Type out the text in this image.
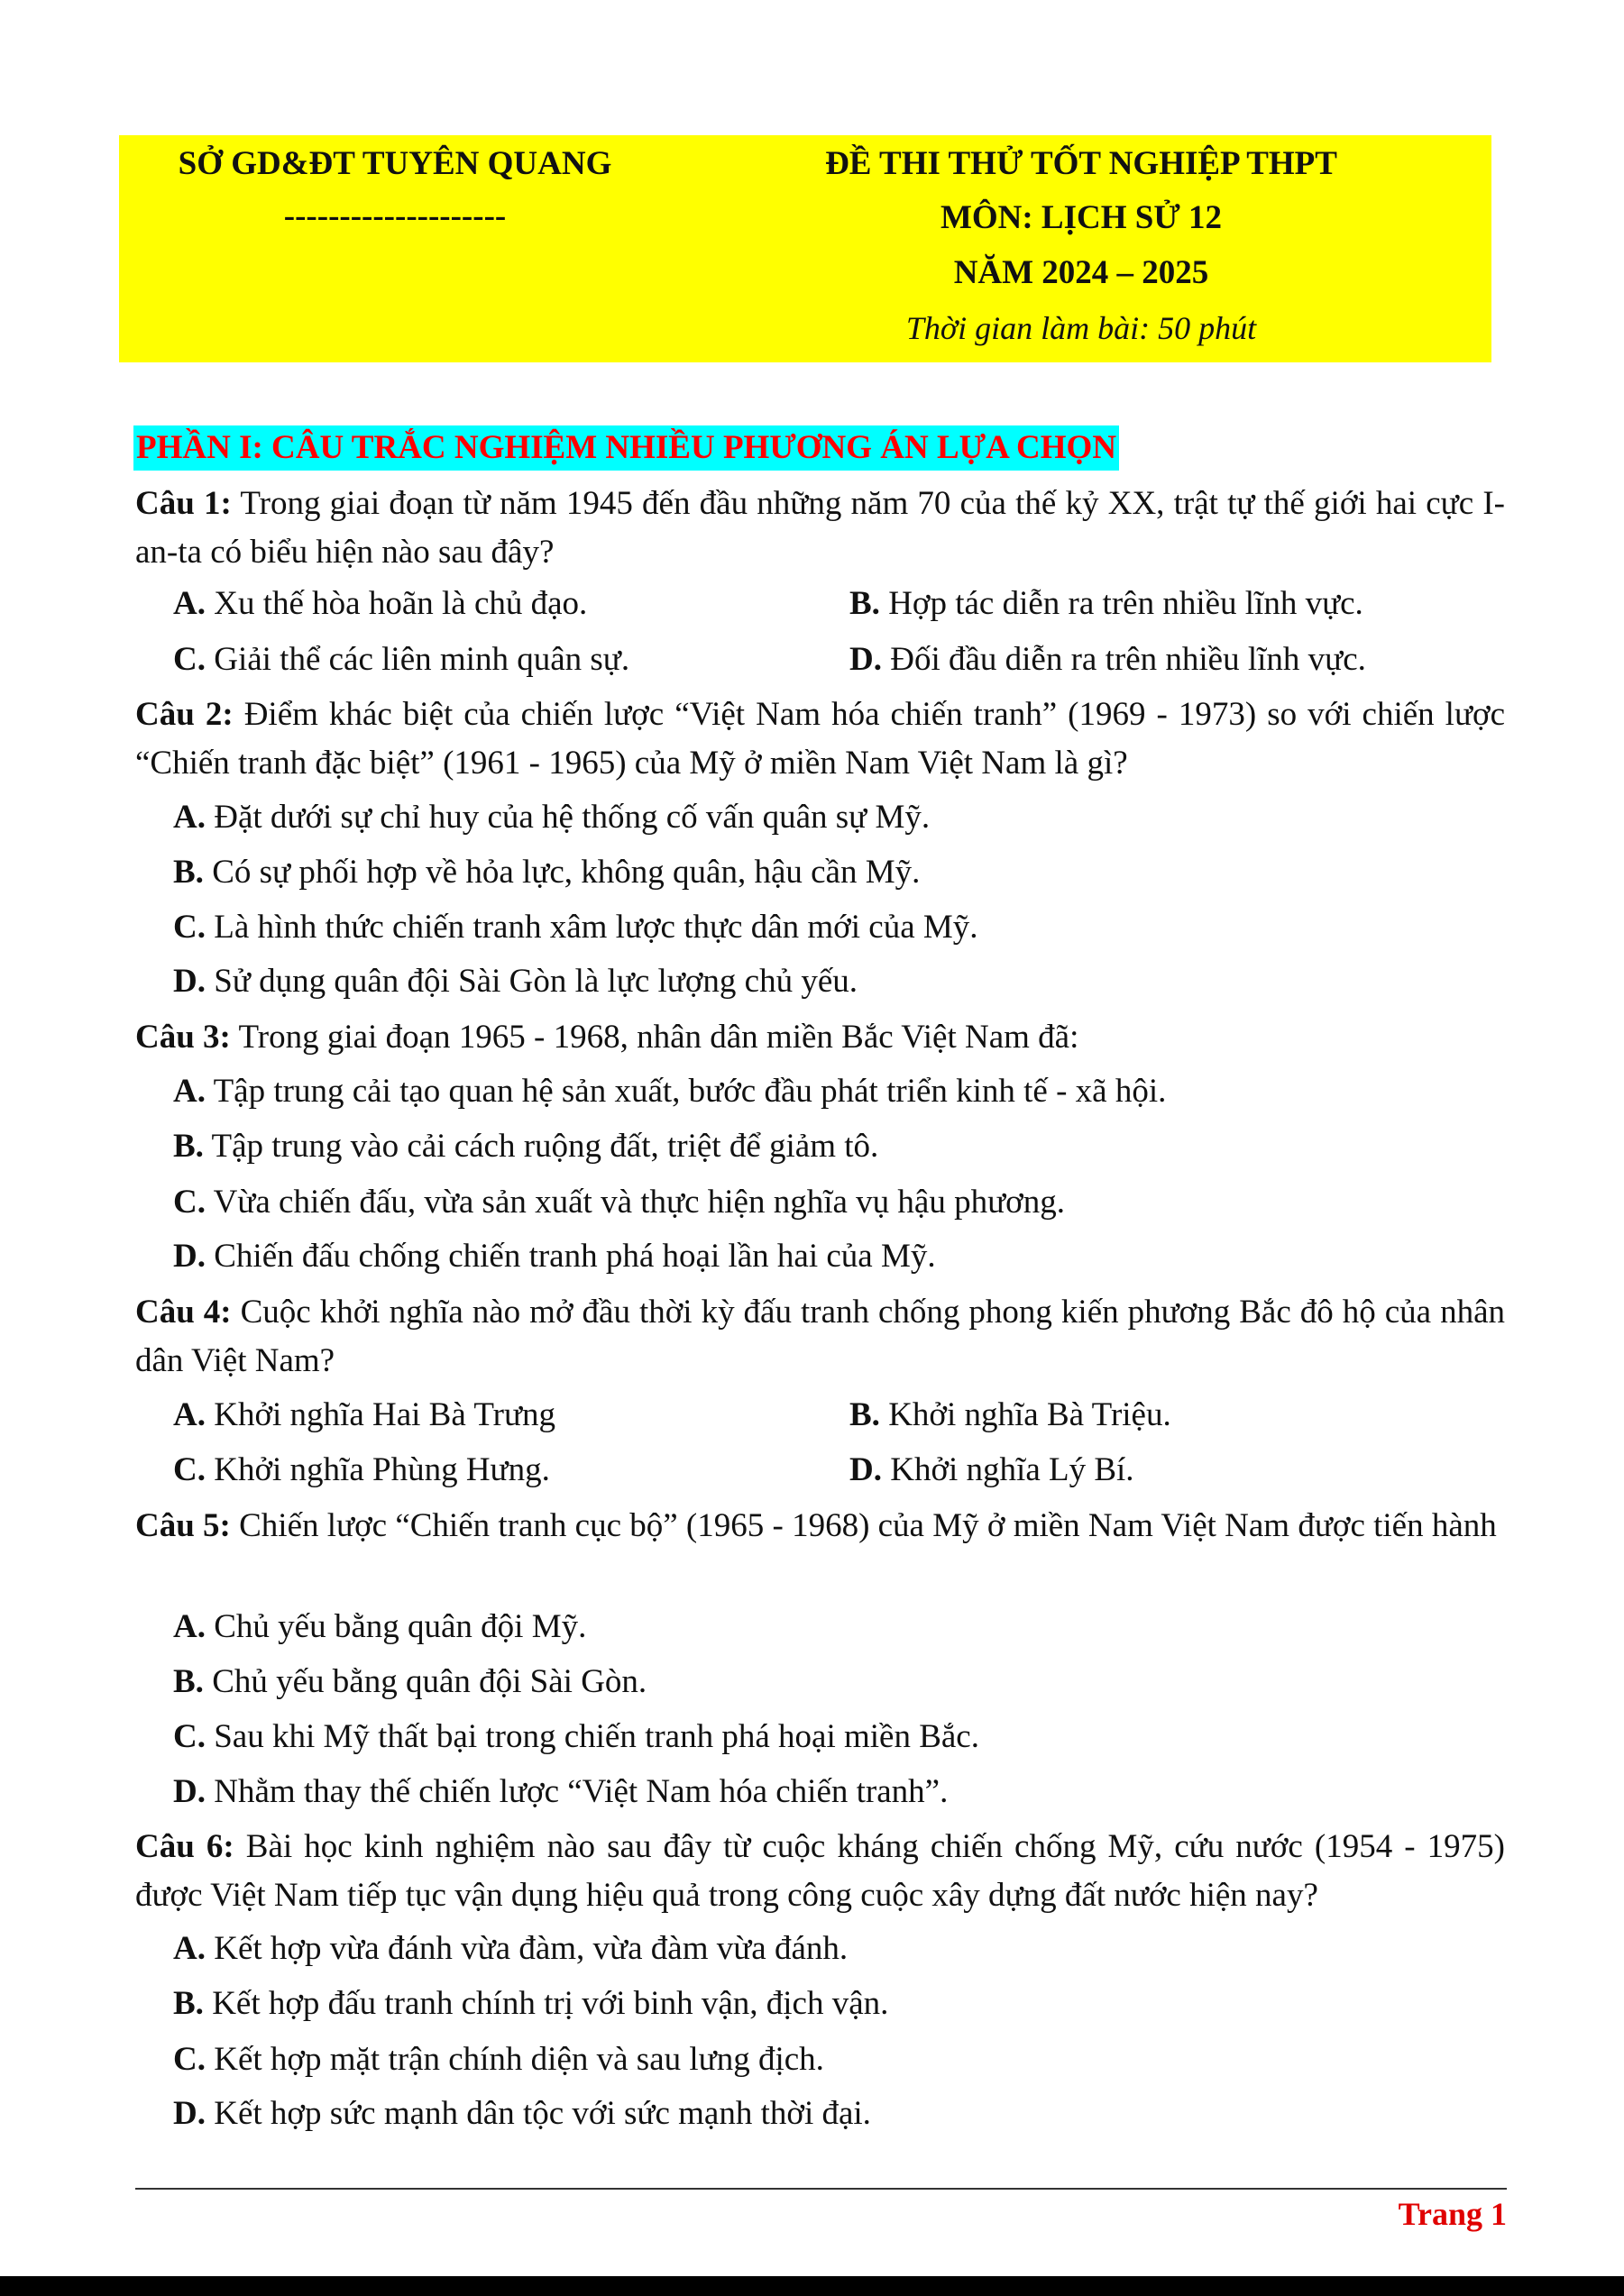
SỞ GD&ĐT TUYÊN QUANG
--------------------
ĐỀ THI THỬ TỐT NGHIỆP THPT
MÔN: LỊCH SỬ 12
NĂM 2024 – 2025
Thời gian làm bài: 50 phút
PHẦN I: CÂU TRẮC NGHIỆM NHIỀU PHƯƠNG ÁN LỰA CHỌN
Câu 1: Trong giai đoạn từ năm 1945 đến đầu những năm 70 của thế kỷ XX, trật tự thế giới hai cực I-an-ta có biểu hiện nào sau đây?
A. Xu thế hòa hoãn là chủ đạo.	B. Hợp tác diễn ra trên nhiều lĩnh vực.
C. Giải thể các liên minh quân sự.	D. Đối đầu diễn ra trên nhiều lĩnh vực.
Câu 2: Điểm khác biệt của chiến lược “Việt Nam hóa chiến tranh” (1969 - 1973) so với chiến lược “Chiến tranh đặc biệt” (1961 - 1965) của Mỹ ở miền Nam Việt Nam là gì?
A. Đặt dưới sự chỉ huy của hệ thống cố vấn quân sự Mỹ.
B. Có sự phối hợp về hỏa lực, không quân, hậu cần Mỹ.
C. Là hình thức chiến tranh xâm lược thực dân mới của Mỹ.
D. Sử dụng quân đội Sài Gòn là lực lượng chủ yếu.
Câu 3: Trong giai đoạn 1965 - 1968, nhân dân miền Bắc Việt Nam đã:
A. Tập trung cải tạo quan hệ sản xuất, bước đầu phát triển kinh tế - xã hội.
B. Tập trung vào cải cách ruộng đất, triệt để giảm tô.
C. Vừa chiến đấu, vừa sản xuất và thực hiện nghĩa vụ hậu phương.
D. Chiến đấu chống chiến tranh phá hoại lần hai của Mỹ.
Câu 4: Cuộc khởi nghĩa nào mở đầu thời kỳ đấu tranh chống phong kiến phương Bắc đô hộ của nhân dân Việt Nam?
A. Khởi nghĩa Hai Bà Trưng	B. Khởi nghĩa Bà Triệu.
C. Khởi nghĩa Phùng Hưng.	D. Khởi nghĩa Lý Bí.
Câu 5: Chiến lược “Chiến tranh cục bộ” (1965 - 1968) của Mỹ ở miền Nam Việt Nam được tiến hành
A. Chủ yếu bằng quân đội Mỹ.
B. Chủ yếu bằng quân đội Sài Gòn.
C. Sau khi Mỹ thất bại trong chiến tranh phá hoại miền Bắc.
D. Nhằm thay thế chiến lược “Việt Nam hóa chiến tranh”.
Câu 6: Bài học kinh nghiệm nào sau đây từ cuộc kháng chiến chống Mỹ, cứu nước (1954 - 1975) được Việt Nam tiếp tục vận dụng hiệu quả trong công cuộc xây dựng đất nước hiện nay?
A. Kết hợp vừa đánh vừa đàm, vừa đàm vừa đánh.
B. Kết hợp đấu tranh chính trị với binh vận, địch vận.
C. Kết hợp mặt trận chính diện và sau lưng địch.
D. Kết hợp sức mạnh dân tộc với sức mạnh thời đại.
Trang 1
